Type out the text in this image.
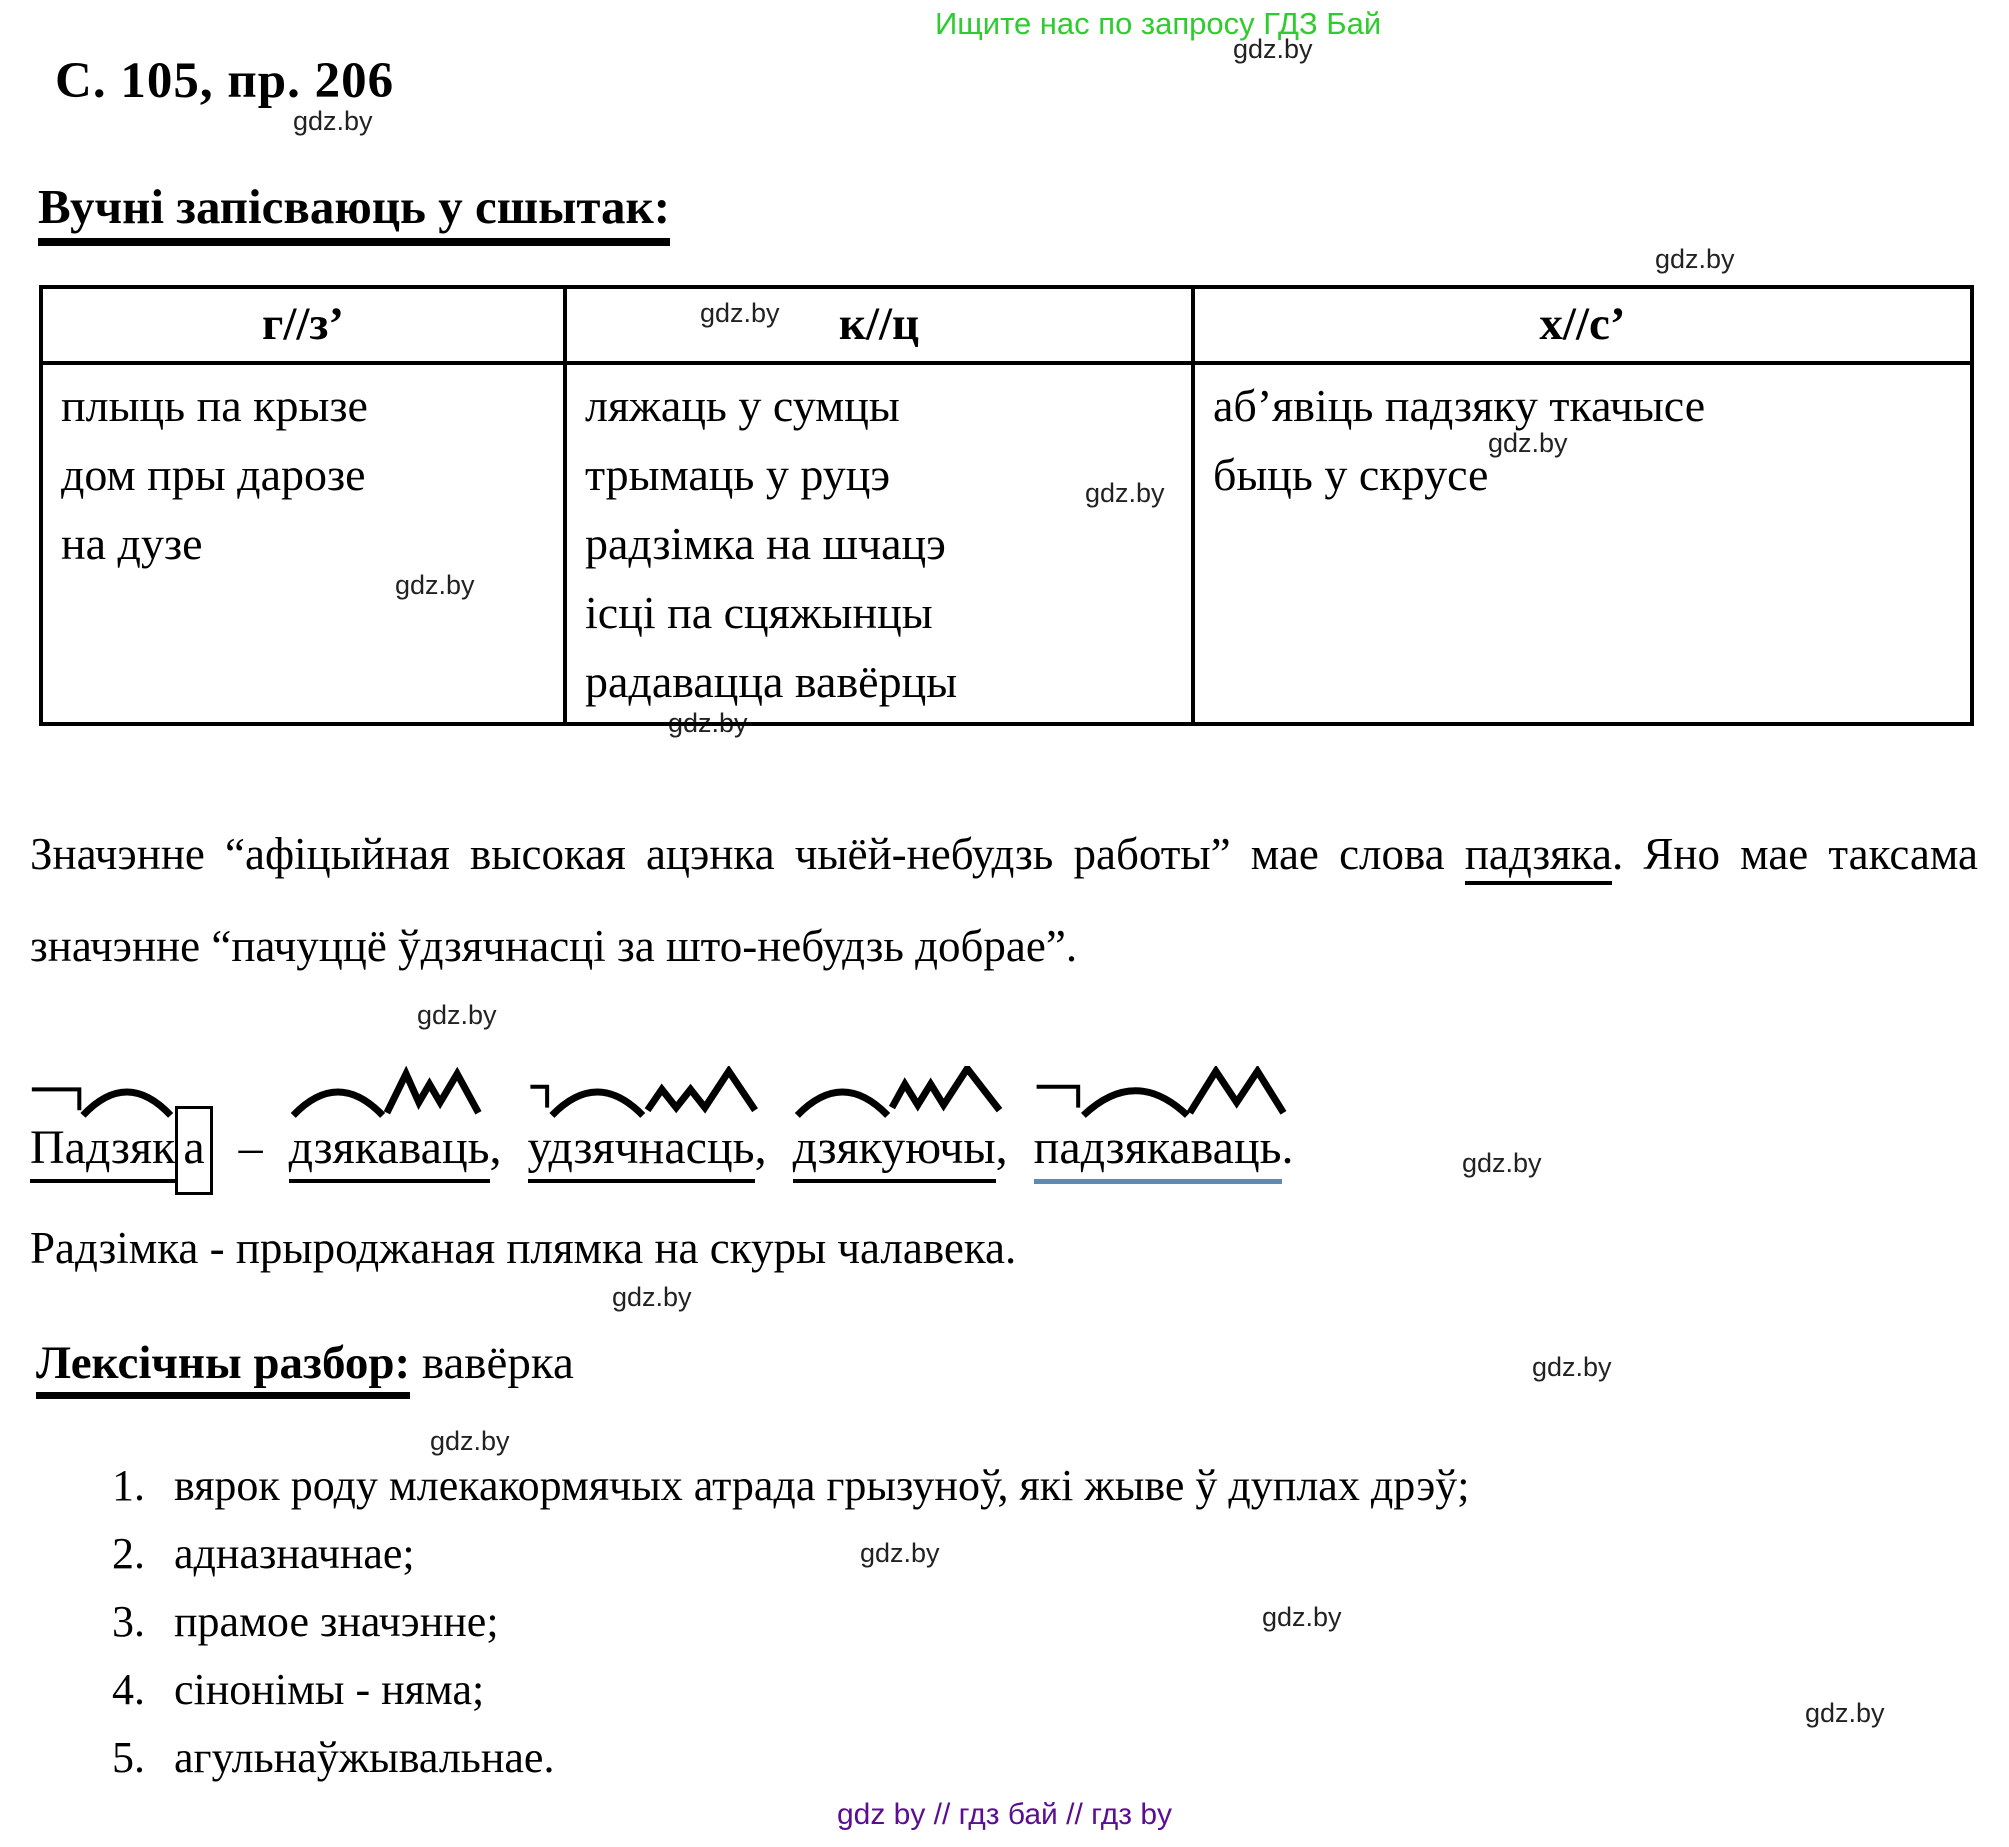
Ищите нас по запросу ГДЗ Бай
gdz.by
gdz.by
gdz.by
gdz.by
gdz.by
gdz.by
gdz.by
gdz.by
gdz.by
gdz.by
gdz.by
gdz.by
gdz.by
gdz.by
gdz.by
gdz.by
С. 105, пр. 206
Вучні запісваюць у сшытак:
г//з’	к//ц	х//с’

плыць па крызе
дом пры дарозе
на дузе

ляжаць у сумцы
трымаць у руцэ
радзімка на шчацэ
ісці па сцяжынцы
радавацца вавёрцы

аб’явіць падзяку ткачысе
быць у скрусе
Значэнне “афіцыйная высокая ацэнка чыёй-небудзь работы” мае слова падзяка. Яно мае таксама значэнне “пачуццё ўдзячнасці за што-небудзь добрае”.
Падзяк а – дзякаваць, удзячнасць, дзякуючы, падзякаваць.
Радзімка - прыроджаная плямка на скуры чалавека.
Лексічны разбор: вавёрка
1. вярок роду млекакормячых атрада грызуноў, які жыве ў дуплах дрэў;
2. адназначнае;
3. прамое значэнне;
4. сінонімы - няма;
5. агульнаўжывальнае.
gdz by // гдз бай // гдз by
